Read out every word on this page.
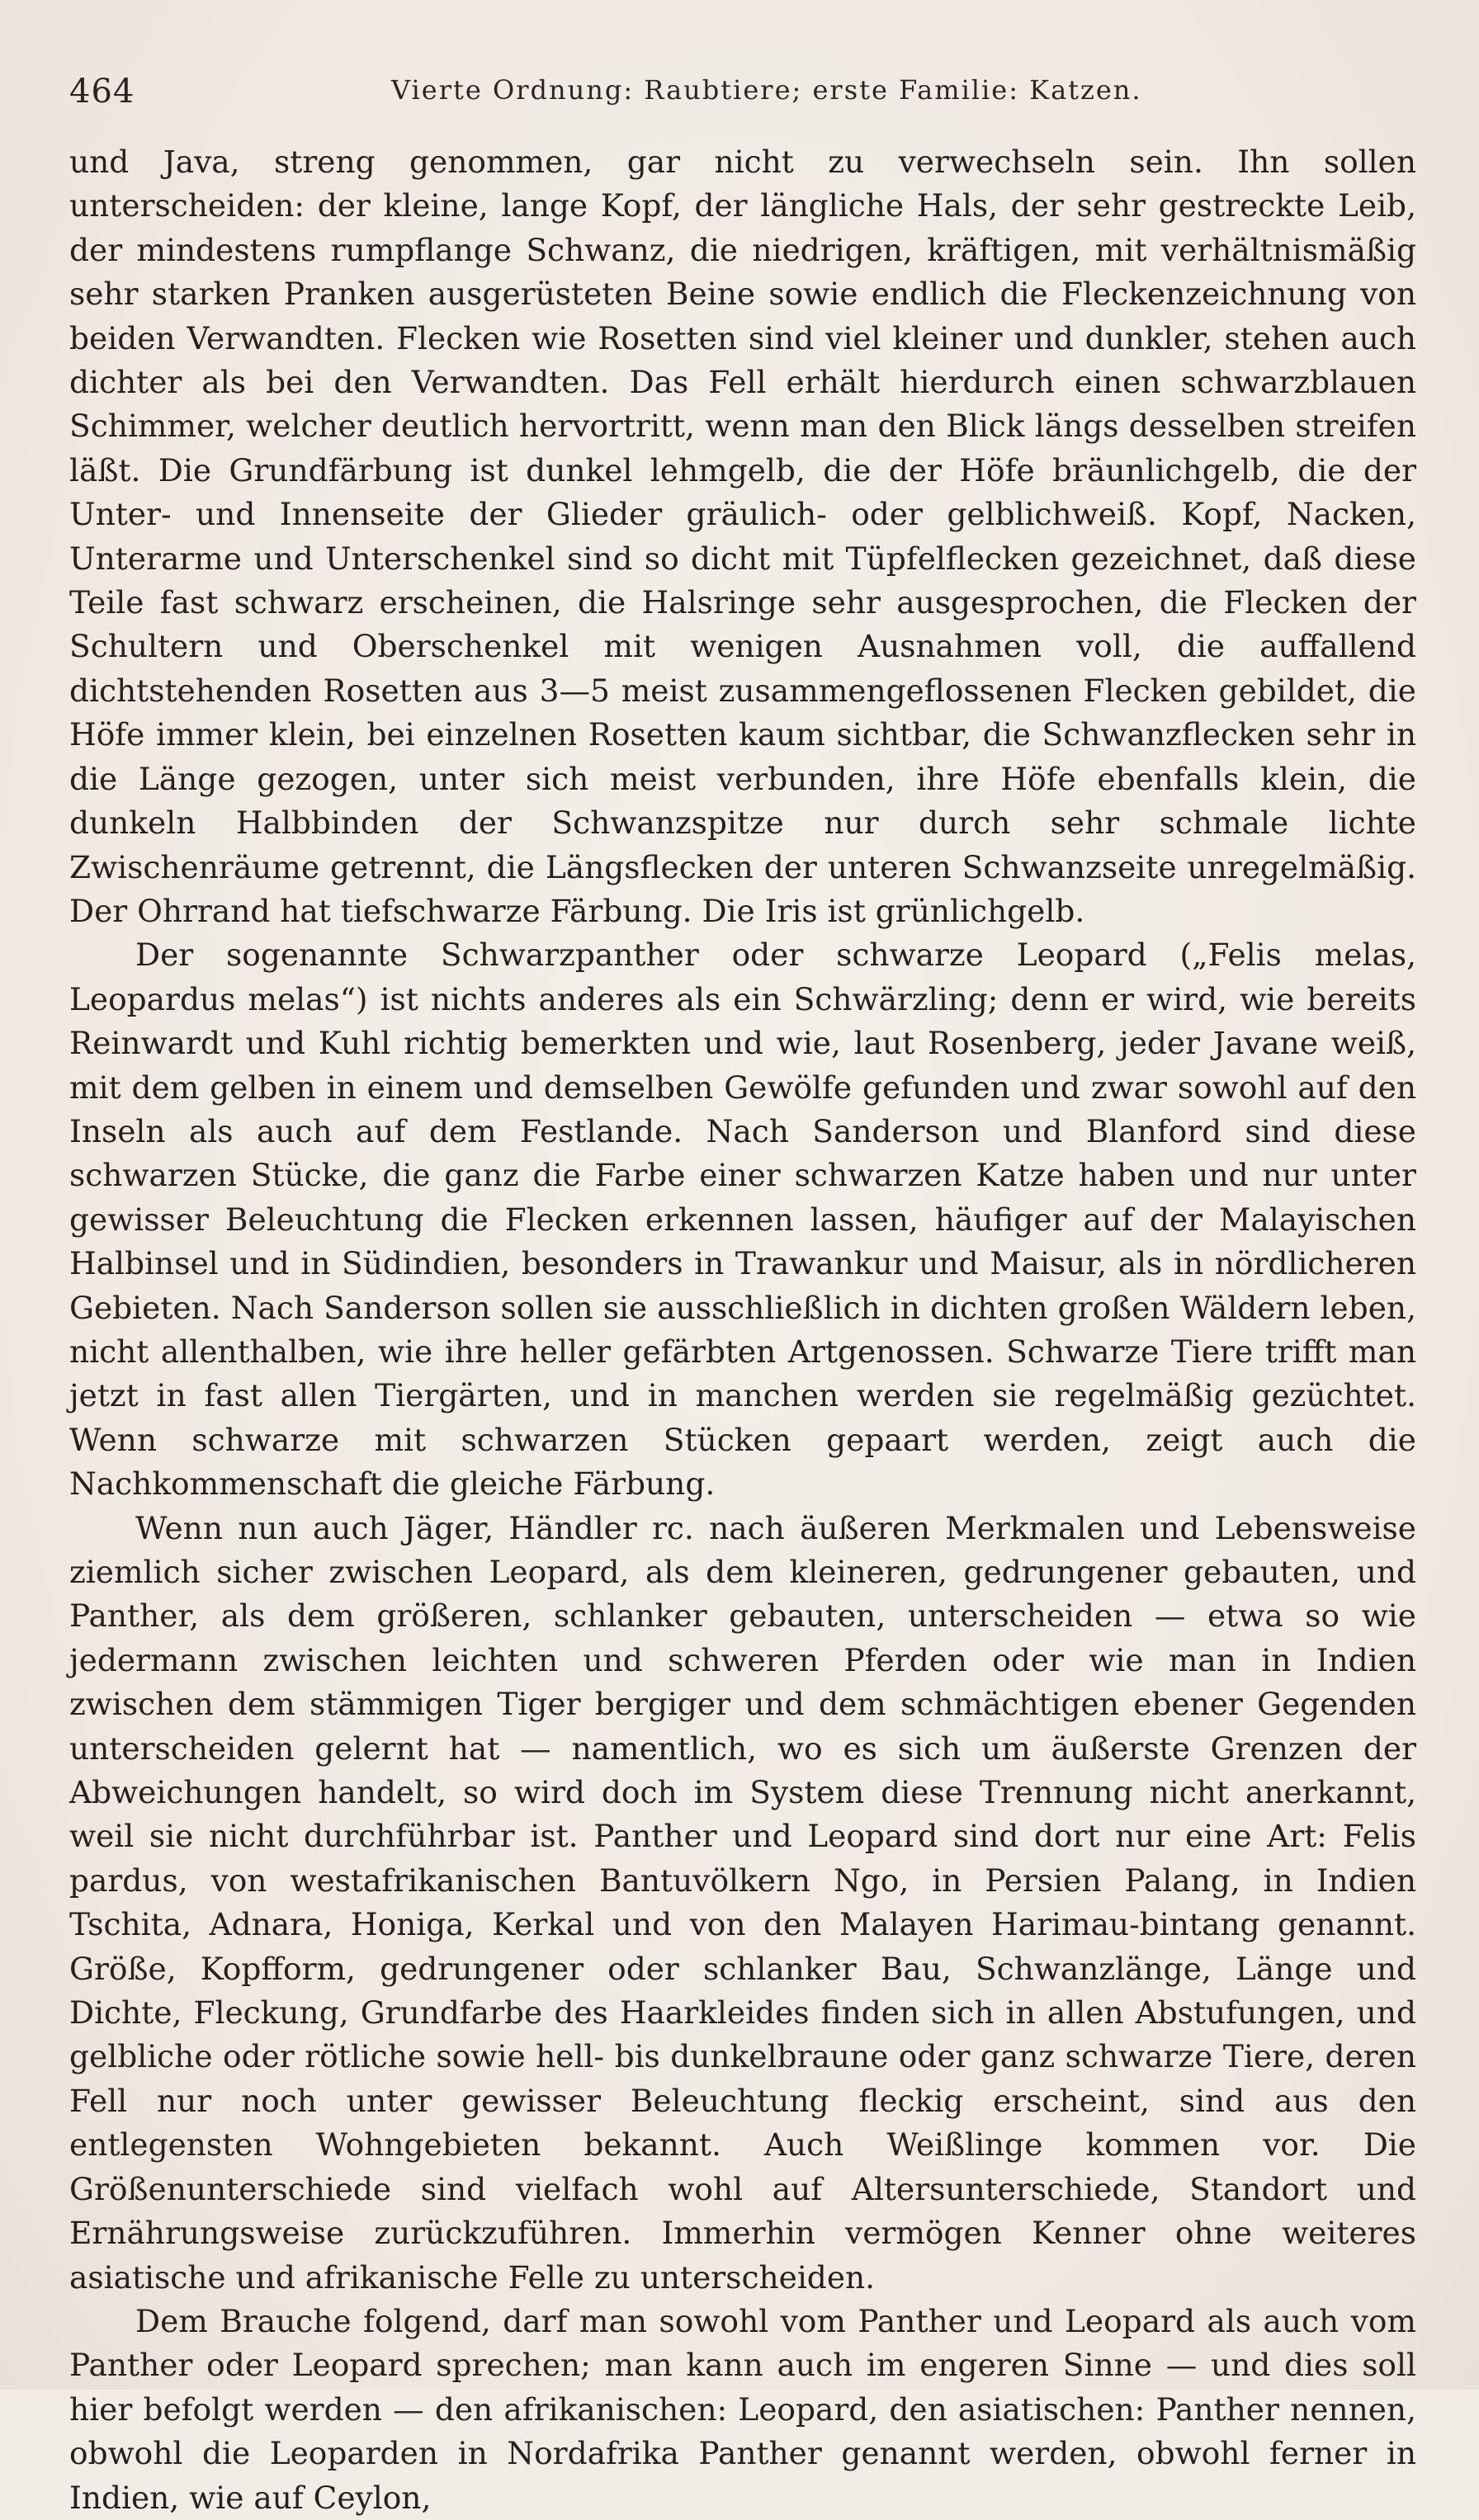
464	Vierte Ordnung: Raubtiere; erste Familie: Katzen.

und Java, streng genommen, gar nicht zu verwechseln sein. Ihn sollen unterscheiden: der kleine, lange Kopf, der längliche Hals, der sehr gestreckte Leib, der mindestens rumpflange Schwanz, die niedrigen, kräftigen, mit verhältnismäßig sehr starken Pranken ausgerüsteten Beine sowie endlich die Fleckenzeichnung von beiden Verwandten. Flecken wie Rosetten sind viel kleiner und dunkler, stehen auch dichter als bei den Verwandten. Das Fell erhält hierdurch einen schwarzblauen Schimmer, welcher deutlich hervortritt, wenn man den Blick längs desselben streifen läßt. Die Grundfärbung ist dunkel lehmgelb, die der Höfe bräunlichgelb, die der Unter- und Innenseite der Glieder gräulich- oder gelblichweiß. Kopf, Nacken, Unterarme und Unterschenkel sind so dicht mit Tüpfelflecken gezeichnet, daß diese Teile fast schwarz erscheinen, die Halsringe sehr ausgesprochen, die Flecken der Schultern und Oberschenkel mit wenigen Ausnahmen voll, die auffallend dichtstehenden Rosetten aus 3—5 meist zusammengeflossenen Flecken gebildet, die Höfe immer klein, bei einzelnen Rosetten kaum sichtbar, die Schwanzflecken sehr in die Länge gezogen, unter sich meist verbunden, ihre Höfe ebenfalls klein, die dunkeln Halbbinden der Schwanzspitze nur durch sehr schmale lichte Zwischenräume getrennt, die Längsflecken der unteren Schwanzseite unregelmäßig. Der Ohrrand hat tiefschwarze Färbung. Die Iris ist grünlichgelb.

Der sogenannte Schwarzpanther oder schwarze Leopard („Felis melas, Leopardus melas“) ist nichts anderes als ein Schwärzling; denn er wird, wie bereits Reinwardt und Kuhl richtig bemerkten und wie, laut Rosenberg, jeder Javane weiß, mit dem gelben in einem und demselben Gewölfe gefunden und zwar sowohl auf den Inseln als auch auf dem Festlande. Nach Sanderson und Blanford sind diese schwarzen Stücke, die ganz die Farbe einer schwarzen Katze haben und nur unter gewisser Beleuchtung die Flecken erkennen lassen, häufiger auf der Malayischen Halbinsel und in Südindien, besonders in Trawankur und Maisur, als in nördlicheren Gebieten. Nach Sanderson sollen sie ausschließlich in dichten großen Wäldern leben, nicht allenthalben, wie ihre heller gefärbten Artgenossen. Schwarze Tiere trifft man jetzt in fast allen Tiergärten, und in manchen werden sie regelmäßig gezüchtet. Wenn schwarze mit schwarzen Stücken gepaart werden, zeigt auch die Nachkommenschaft die gleiche Färbung.

Wenn nun auch Jäger, Händler rc. nach äußeren Merkmalen und Lebensweise ziemlich sicher zwischen Leopard, als dem kleineren, gedrungener gebauten, und Panther, als dem größeren, schlanker gebauten, unterscheiden — etwa so wie jedermann zwischen leichten und schweren Pferden oder wie man in Indien zwischen dem stämmigen Tiger bergiger und dem schmächtigen ebener Gegenden unterscheiden gelernt hat — namentlich, wo es sich um äußerste Grenzen der Abweichungen handelt, so wird doch im System diese Trennung nicht anerkannt, weil sie nicht durchführbar ist. Panther und Leopard sind dort nur eine Art: Felis pardus, von westafrikanischen Bantuvölkern Ngo, in Persien Palang, in Indien Tschita, Adnara, Honiga, Kerkal und von den Malayen Harimau-bintang genannt. Größe, Kopfform, gedrungener oder schlanker Bau, Schwanzlänge, Länge und Dichte, Fleckung, Grundfarbe des Haarkleides finden sich in allen Abstufungen, und gelbliche oder rötliche sowie hell- bis dunkelbraune oder ganz schwarze Tiere, deren Fell nur noch unter gewisser Beleuchtung fleckig erscheint, sind aus den entlegensten Wohngebieten bekannt. Auch Weißlinge kommen vor. Die Größenunterschiede sind vielfach wohl auf Altersunterschiede, Standort und Ernährungsweise zurückzuführen. Immerhin vermögen Kenner ohne weiteres asiatische und afrikanische Felle zu unterscheiden.

Dem Brauche folgend, darf man sowohl vom Panther und Leopard als auch vom Panther oder Leopard sprechen; man kann auch im engeren Sinne — und dies soll hier befolgt werden — den afrikanischen: Leopard, den asiatischen: Panther nennen, obwohl die Leoparden in Nordafrika Panther genannt werden, obwohl ferner in Indien, wie auf Ceylon,
